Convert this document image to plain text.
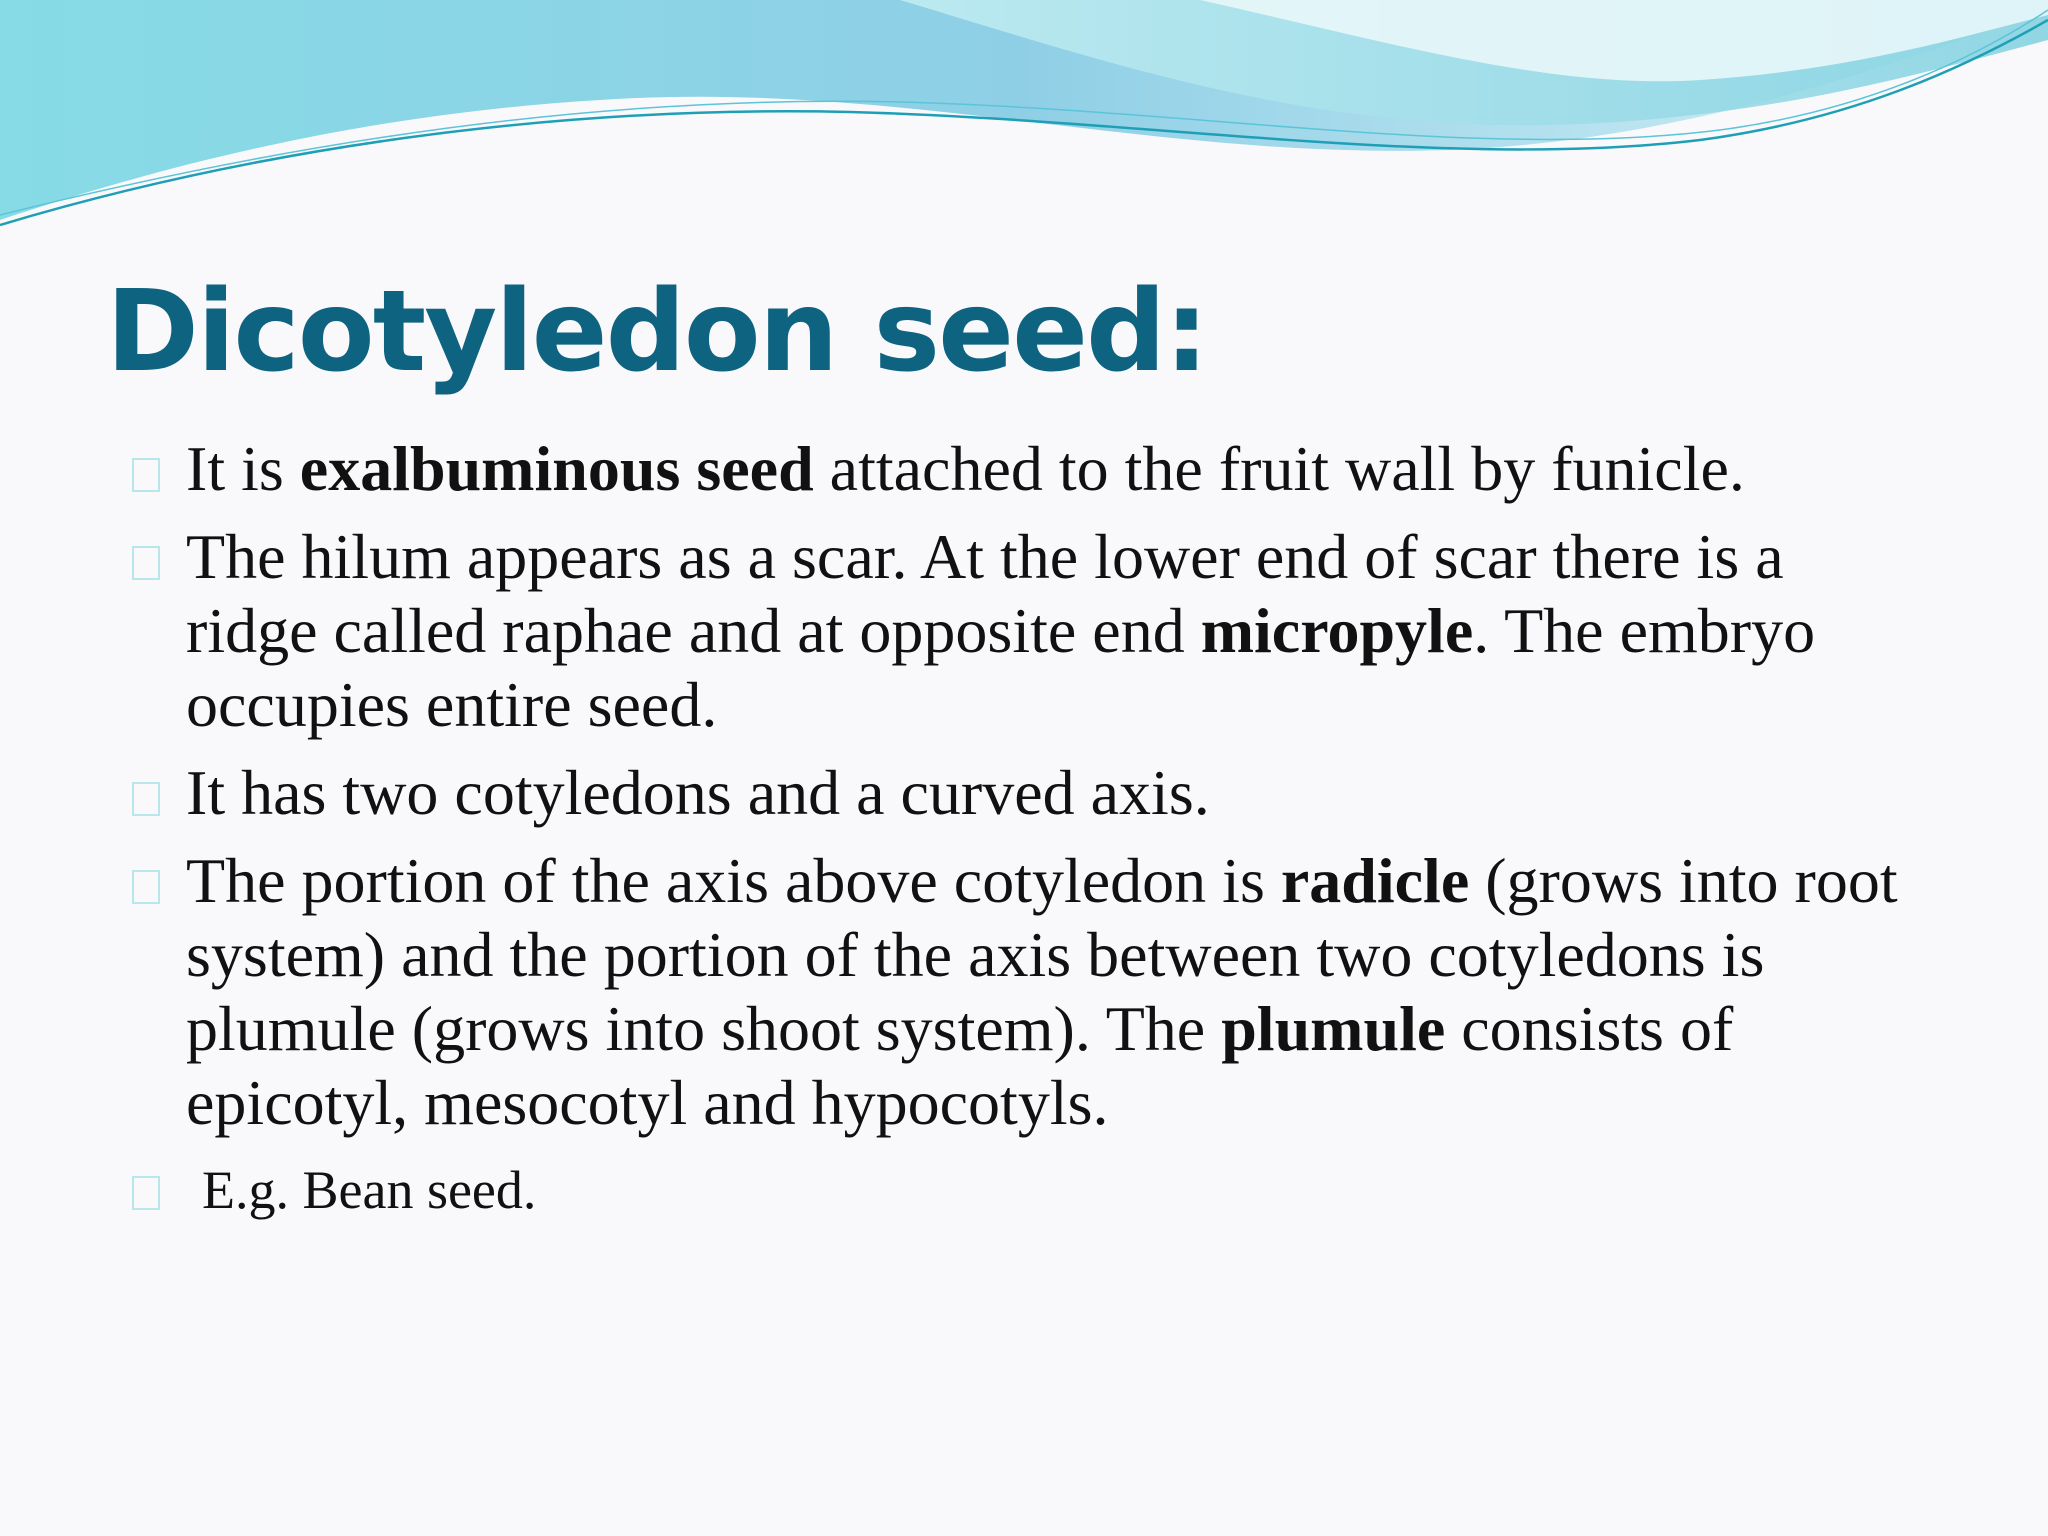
Dicotyledon seed:
It is exalbuminous seed attached to the fruit wall by funicle.
The hilum appears as a scar. At the lower end of scar there is a ridge called raphae and at opposite end micropyle. The embryo occupies entire seed.
It has two cotyledons and a curved axis.
The portion of the axis above cotyledon is radicle (grows into root system) and the portion of the axis between two cotyledons is plumule (grows into shoot system). The plumule consists of epicotyl, mesocotyl and hypocotyls.
E.g. Bean seed.
